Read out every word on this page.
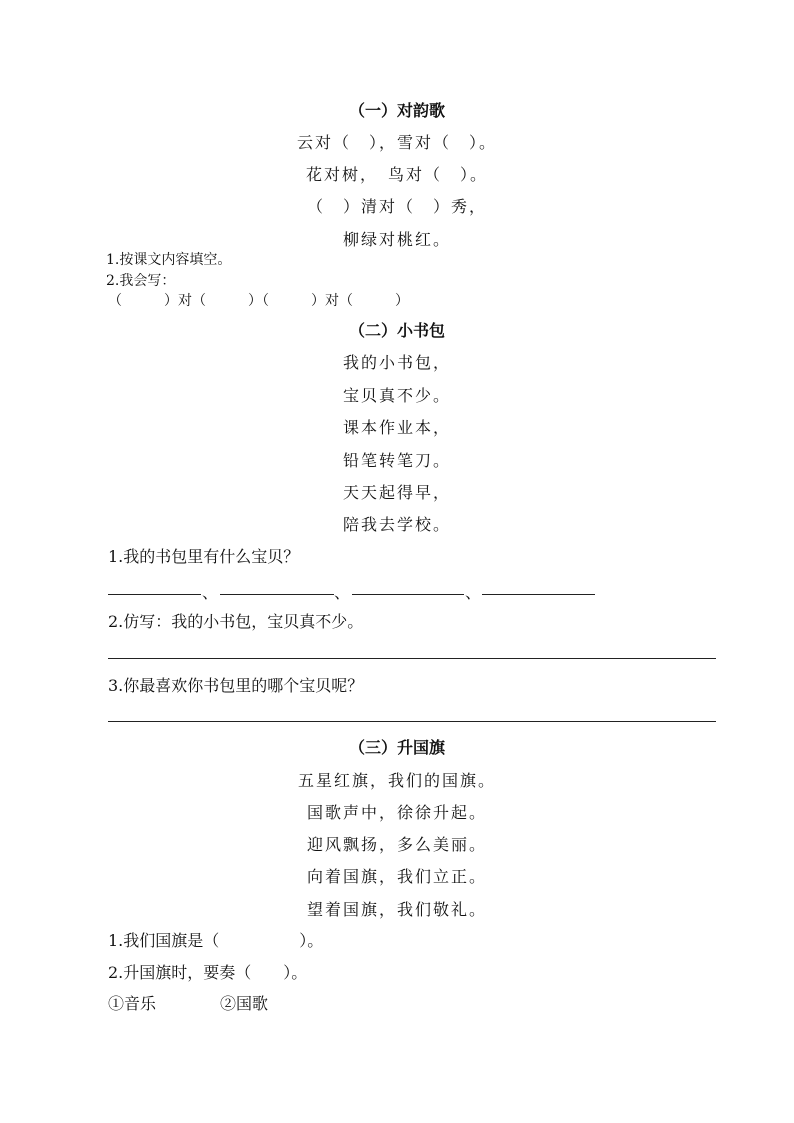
（一）对韵歌
云对（　），雪对（　）。
花对树，　鸟对（　）。
（　）清对（　）秀，
柳绿对桃红。
1.按课文内容填空。
2.我会写：
（　　　）对（　　　）（　　　）对（　　　）
（二）小书包
我的小书包，
宝贝真不少。
课本作业本，
铅笔转笔刀。
天天起得早，
陪我去学校。
1.我的书包里有什么宝贝？
、	、	、
2.仿写：我的小书包，宝贝真不少。
3.你最喜欢你书包里的哪个宝贝呢？
（三）升国旗
五星红旗，我们的国旗。
国歌声中，徐徐升起。
迎风飘扬，多么美丽。
向着国旗，我们立正。
望着国旗，我们敬礼。
1.我们国旗是（　　　　　）。
2.升国旗时，要奏（　　）。
①音乐	②国歌
